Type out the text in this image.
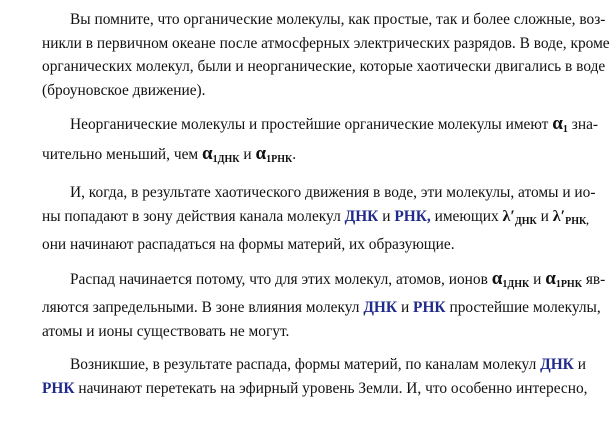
Вы помните, что органические молекулы, как простые, так и более сложные, воз-
никли в первичном океане после атмосферных электрических разрядов. В воде, кроме
органических молекул, были и неорганические, которые хаотически двигались в воде
(броуновское движение).

Неорганические молекулы и простейшие органические молекулы имеют $\alpha_1$ зна-
чительно меньший, чем $\alpha_{1ДНК}$ и $\alpha_{1РНК}$.

И, когда, в результате хаотического движения в воде, эти молекулы, атомы и ио-
ны попадают в зону действия канала молекул ДНК и РНК, имеющих $\lambda'_{ДНК}$ и $\lambda'_{РНК,}$
они начинают распадаться на формы материй, их образующие.

Распад начинается потому, что для этих молекул, атомов, ионов $\alpha_{1ДНК}$ и $\alpha_{1РНК}$ яв-
ляются запредельными. В зоне влияния молекул ДНК и РНК простейшие молекулы,
атомы и ионы существовать не могут.

Возникшие, в результате распада, формы материй, по каналам молекул ДНК и
РНК начинают перетекать на эфирный уровень Земли. И, что особенно интересно,
